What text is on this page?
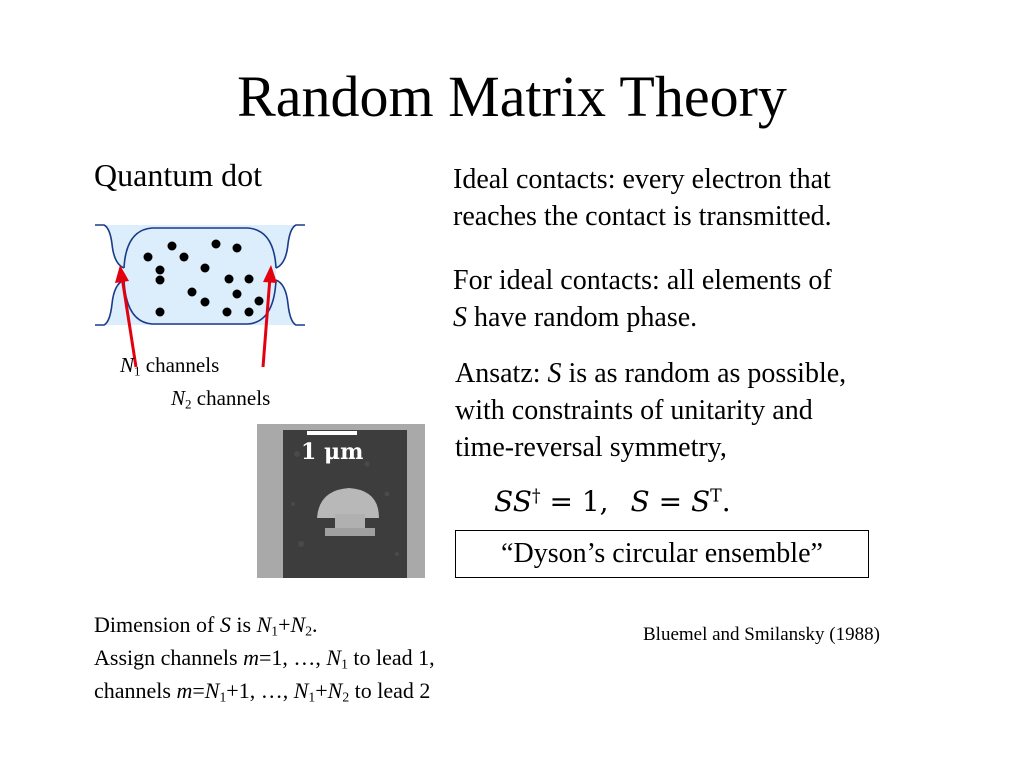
Random Matrix Theory
Quantum dot
$N_1$ channels
$N_2$ channels
1 μm
Ideal contacts: every electron that
reaches the contact is transmitted.
For ideal contacts: all elements of
S have random phase.
Ansatz: S is as random as possible,
with constraints of unitarity and
time-reversal symmetry,
SS† = 1, $S = S^T$.
“Dyson’s circular ensemble”
Dimension of S is $N_1+N_2$.
Assign channels m=1, …, $N_1$ to lead 1,
channels $m=N_1+1$, …, $N_1+N_2$ to lead 2
Bluemel and Smilansky (1988)
